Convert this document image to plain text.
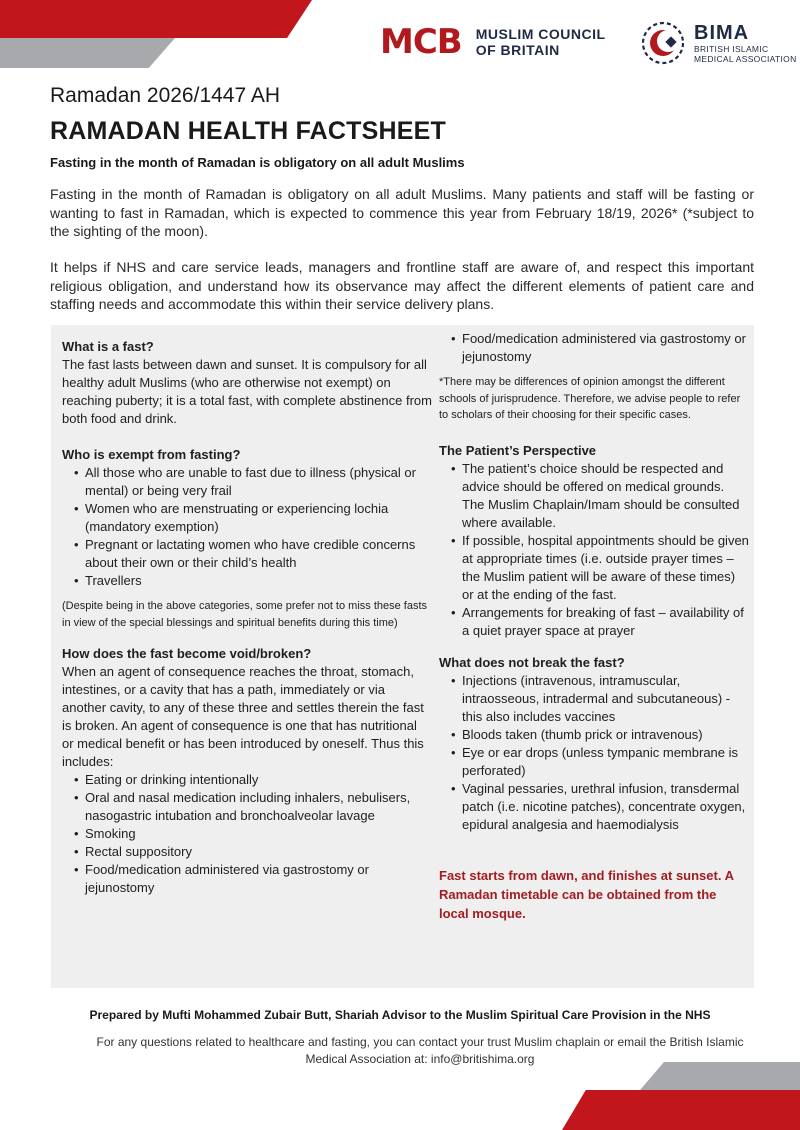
MCB MUSLIM COUNCIL
OF BRITAIN
BIMA
BRITISH ISLAMIC
MEDICAL ASSOCIATION
Ramadan 2026/1447 AH
RAMADAN HEALTH FACTSHEET
Fasting in the month of Ramadan is obligatory on all adult Muslims

Fasting in the month of Ramadan is obligatory on all adult Muslims. Many patients and staff will be fasting or wanting to fast in Ramadan, which is expected to commence this year from February 18/19, 2026* (*subject to the sighting of the moon).

It helps if NHS and care service leads, managers and frontline staff are aware of, and respect this important religious obligation, and understand how its observance may affect the different elements of patient care and staffing needs and accommodate this within their service delivery plans.

What is a fast?
The fast lasts between dawn and sunset. It is compulsory for all healthy adult Muslims (who are otherwise not exempt) on reaching puberty; it is a total fast, with complete abstinence from both food and drink.
Who is exempt from fasting?
• All those who are unable to fast due to illness (physical or mental) or being very frail
• Women who are menstruating or experiencing lochia (mandatory exemption)
• Pregnant or lactating women who have credible concerns about their own or their child’s health
• Travellers
(Despite being in the above categories, some prefer not to miss these fasts in view of the special blessings and spiritual benefits during this time)
How does the fast become void/broken?
When an agent of consequence reaches the throat, stomach, intestines, or a cavity that has a path, immediately or via another cavity, to any of these three and settles therein the fast is broken. An agent of consequence is one that has nutritional or medical benefit or has been introduced by oneself. Thus this includes:
• Eating or drinking intentionally
• Oral and nasal medication including inhalers, nebulisers, nasogastric intubation and bronchoalveolar lavage
• Smoking
• Rectal suppository
• Food/medication administered via gastrostomy or jejunostomy
• Food/medication administered via gastrostomy or jejunostomy
*There may be differences of opinion amongst the different schools of jurisprudence. Therefore, we advise people to refer to scholars of their choosing for their specific cases.
The Patient’s Perspective
• The patient’s choice should be respected and advice should be offered on medical grounds. The Muslim Chaplain/Imam should be consulted where available.
• If possible, hospital appointments should be given at appropriate times (i.e. outside prayer times – the Muslim patient will be aware of these times) or at the ending of the fast.
• Arrangements for breaking of fast – availability of a quiet prayer space at prayer
What does not break the fast?
• Injections (intravenous, intramuscular, intraosseous, intradermal and subcutaneous) - this also includes vaccines
• Bloods taken (thumb prick or intravenous)
• Eye or ear drops (unless tympanic membrane is perforated)
• Vaginal pessaries, urethral infusion, transdermal patch (i.e. nicotine patches), concentrate oxygen, epidural analgesia and haemodialysis
Fast starts from dawn, and finishes at sunset. A Ramadan timetable can be obtained from the local mosque.
Prepared by Mufti Mohammed Zubair Butt, Shariah Advisor to the Muslim Spiritual Care Provision in the NHS
For any questions related to healthcare and fasting, you can contact your trust Muslim chaplain or email the British Islamic Medical Association at: info@britishima.org
